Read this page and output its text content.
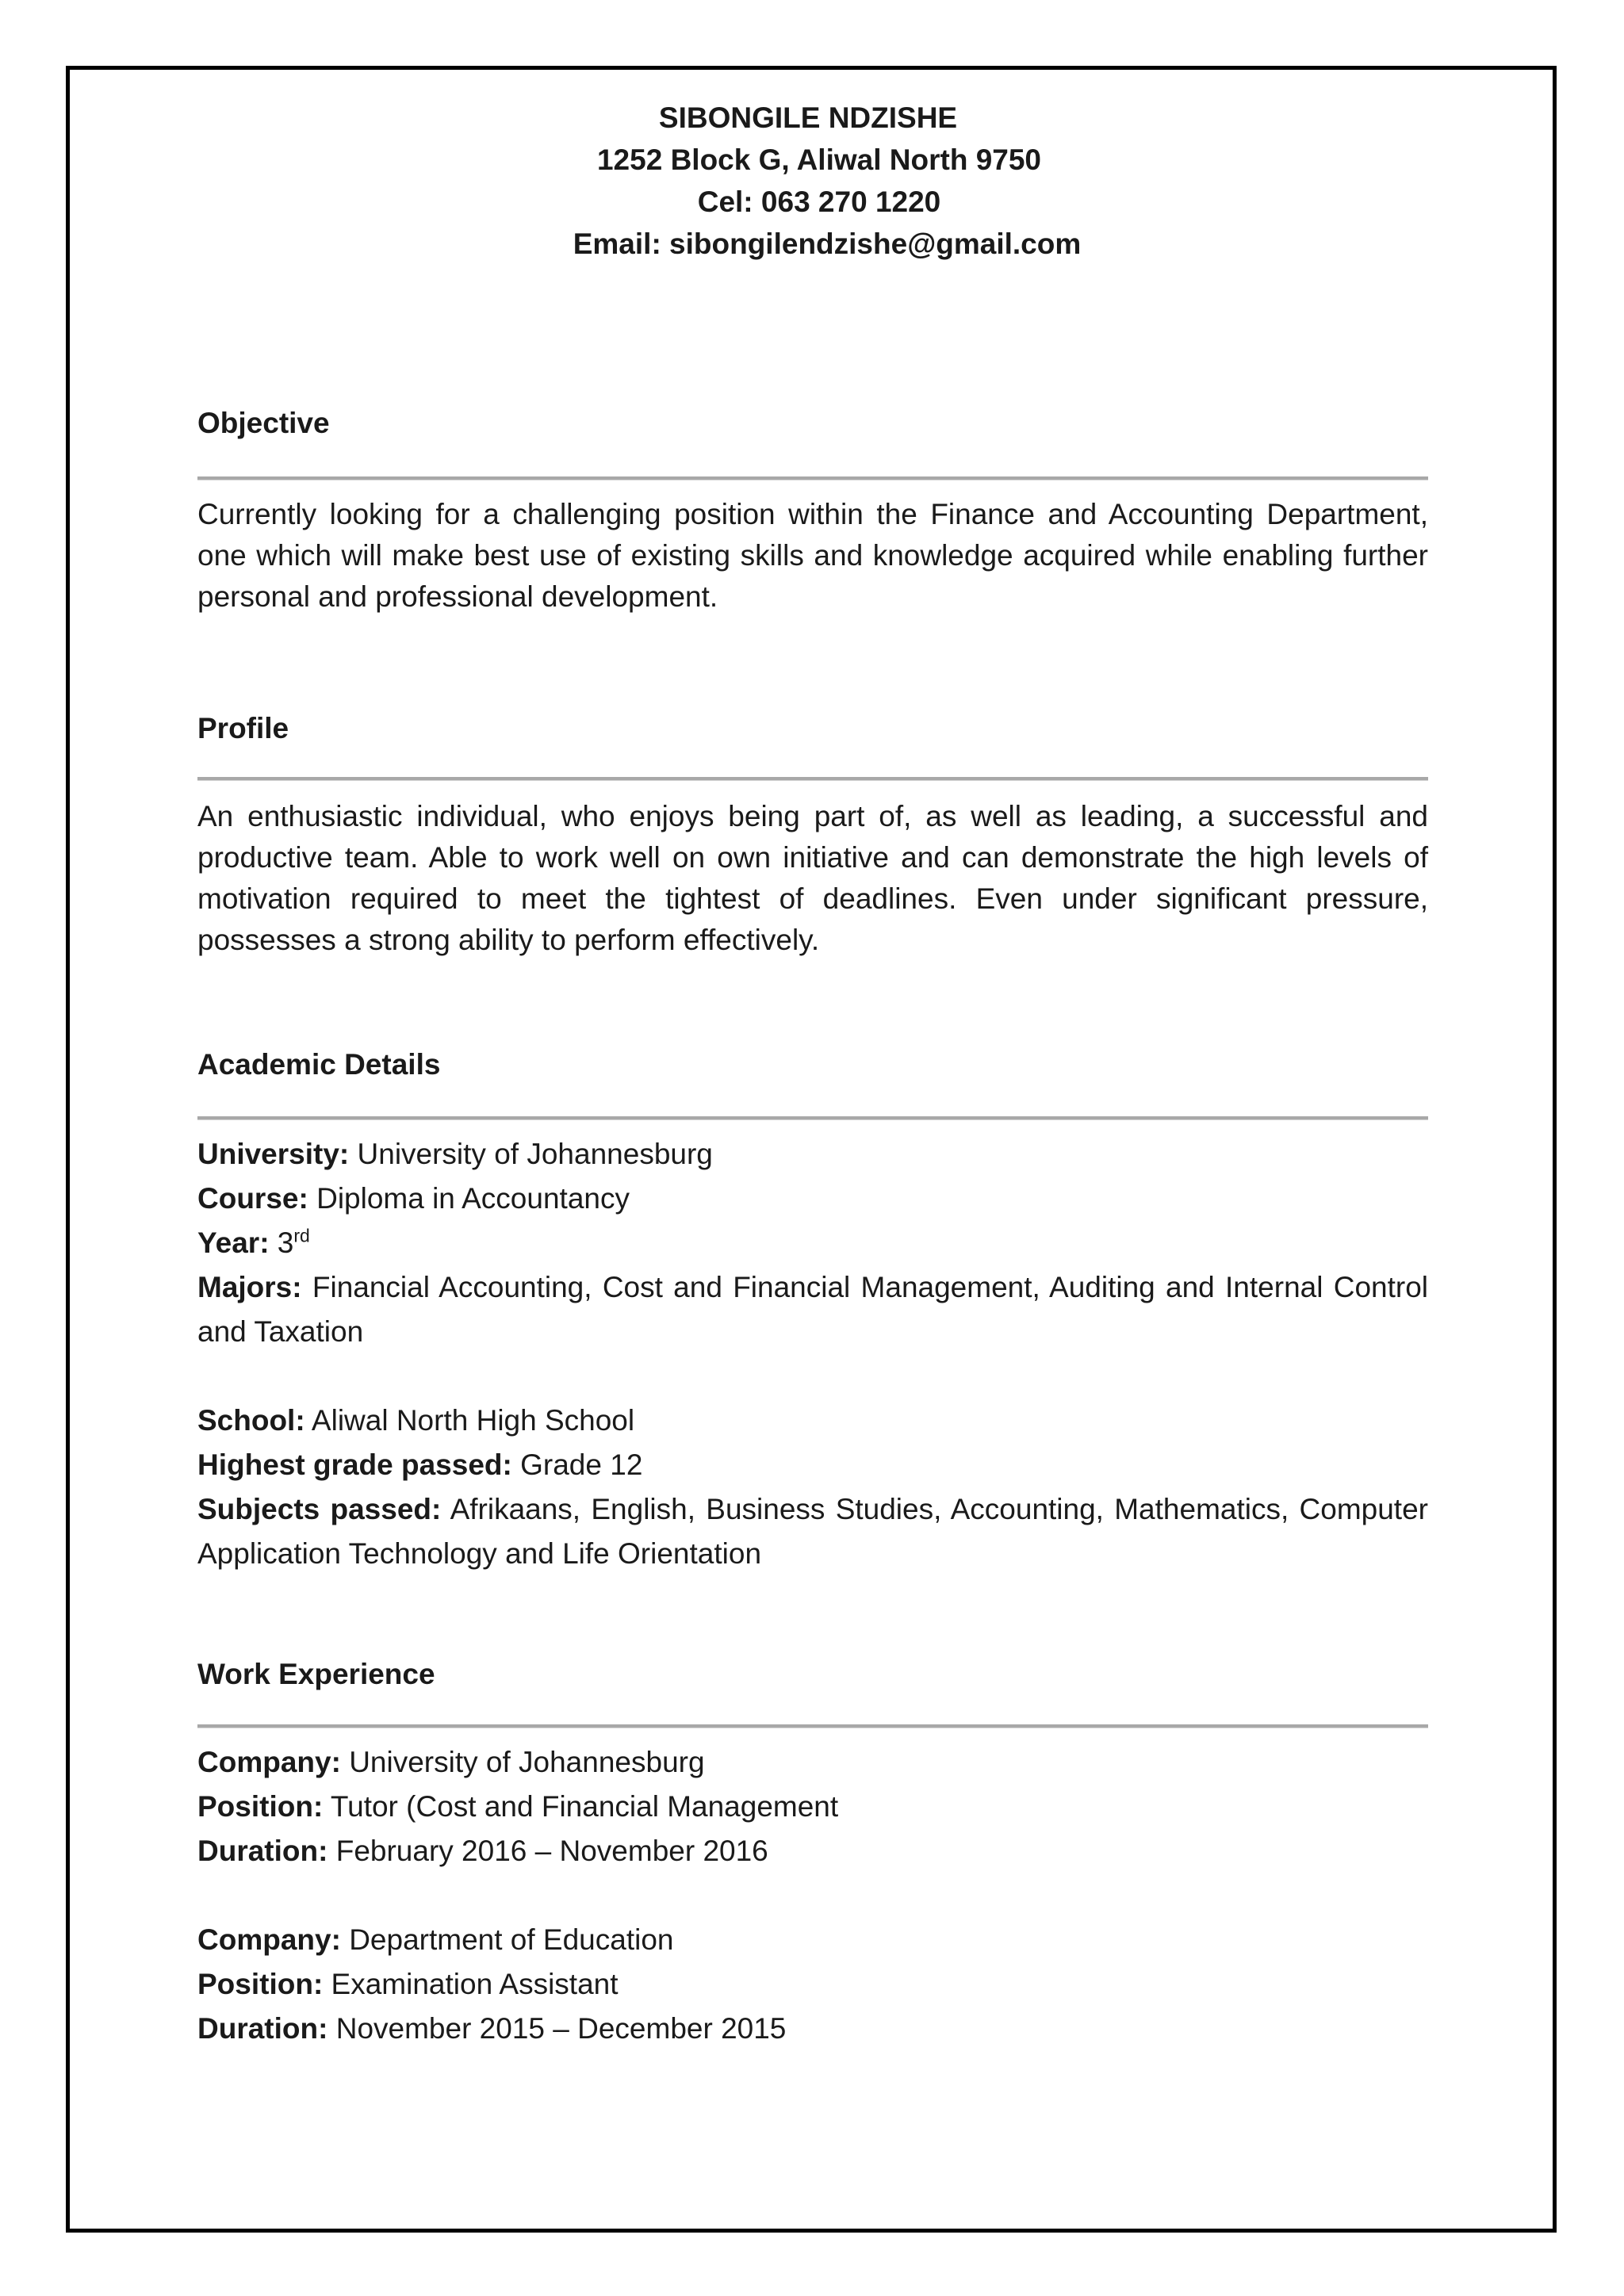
SIBONGILE NDZISHE
1252 Block G, Aliwal North 9750
Cel: 063 270 1220
Email: sibongilendzishe@gmail.com
Objective

Currently looking for a challenging position within the Finance and Accounting Department, one which will make best use of existing skills and knowledge acquired while enabling further personal and professional development.

Profile

An enthusiastic individual, who enjoys being part of, as well as leading, a successful and productive team. Able to work well on own initiative and can demonstrate the high levels of motivation required to meet the tightest of deadlines. Even under significant pressure, possesses a strong ability to perform effectively.

Academic Details
University: University of Johannesburg
Course: Diploma in Accountancy
Year: 3rd
Majors: Financial Accounting, Cost and Financial Management, Auditing and Internal Control and Taxation
School: Aliwal North High School
Highest grade passed: Grade 12
Subjects passed: Afrikaans, English, Business Studies, Accounting, Mathematics, Computer Application Technology and Life Orientation
Work Experience
Company: University of Johannesburg
Position: Tutor (Cost and Financial Management
Duration: February 2016 – November 2016
Company: Department of Education
Position: Examination Assistant
Duration: November 2015 – December 2015
